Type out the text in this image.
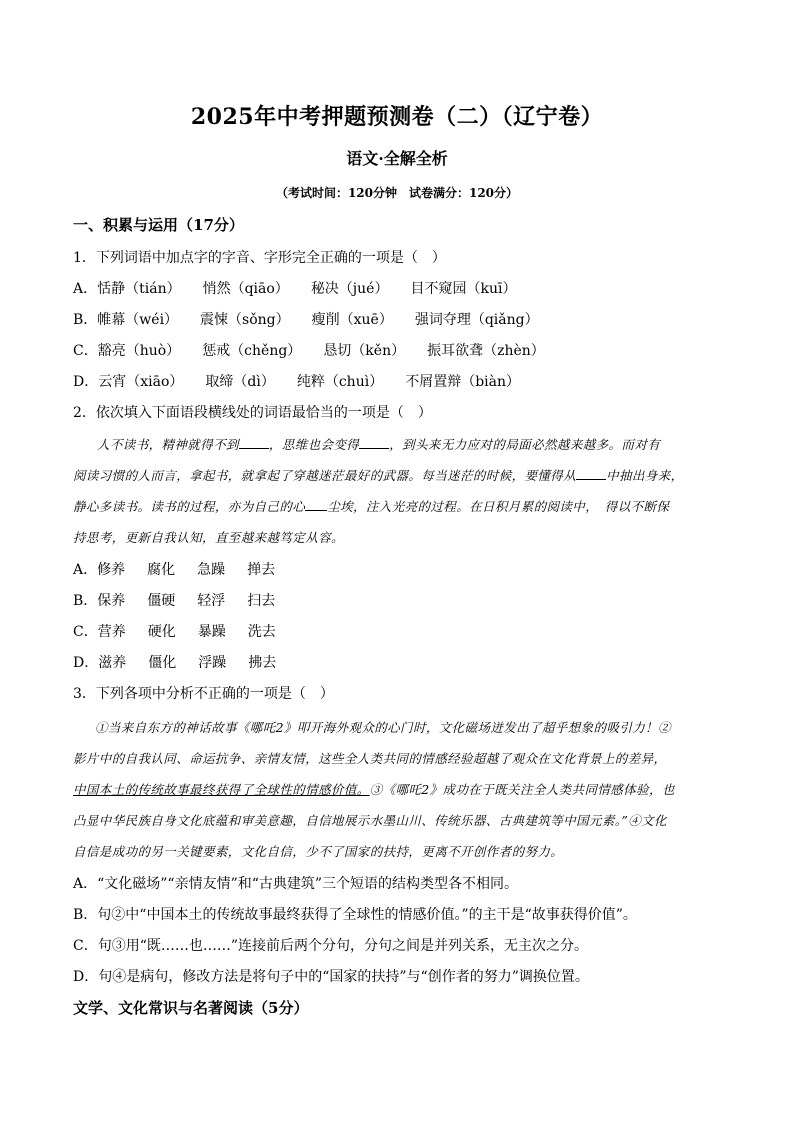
2025年中考押题预测卷（二）（辽宁卷）
语文·全解全析
（考试时间：120分钟　试卷满分：120分）
一、积累与运用（17分）
1．下列词语中加点字的字音、字形完全正确的一项是（　）
A．恬静（tián） 悄然（qiāo） 秘决（jué） 目不窥园（kuī）
B．帷幕（wéi） 震悚（sǒng） 瘦削（xuē） 强词夺理（qiǎng）
C．豁亮（huò） 惩戒（chěng） 恳切（kěn） 振耳欲聋（zhèn）
D．云宵（xiāo） 取缔（dì） 纯粹（chuì） 不屑置辩（biàn）
2．依次填入下面语段横线处的词语最恰当的一项是（　）
人不读书，精神就得不到 ，思维也会变得 ，到头来无力应对的局面必然越来越多。而对有
阅读习惯的人而言，拿起书，就拿起了穿越迷茫最好的武器。每当迷茫的时候，要懂得从 中抽出身来，
静心多读书。读书的过程，亦为自己的心 尘埃，注入光亮的过程。在日积月累的阅读中，　得以不断保
持思考，更新自我认知，直至越来越笃定从容。
A．修养 腐化 急躁 掸去
B．保养 僵硬 轻浮 扫去
C．营养 硬化 暴躁 洗去
D．滋养 僵化 浮躁 拂去
3．下列各项中分析不正确的一项是（　）
①当来自东方的神话故事《哪吒2》叩开海外观众的心门时，文化磁场迸发出了超乎想象的吸引力！②
影片中的自我认同、命运抗争、亲情友情，这些全人类共同的情感经验超越了观众在文化背景上的差异，
中国本土的传统故事最终获得了全球性的情感价值。③《哪吒2》成功在于既关注全人类共同情感体验，也
凸显中华民族自身文化底蕴和审美意趣，自信地展示水墨山川、传统乐器、古典建筑等中国元素。”④文化
自信是成功的另一关键要素，文化自信，少不了国家的扶持，更离不开创作者的努力。
A．“文化磁场”“亲情友情”和“古典建筑”三个短语的结构类型各不相同。
B．句②中“中国本土的传统故事最终获得了全球性的情感价值。”的主干是“故事获得价值”。
C．句③用“既……也……”连接前后两个分句，分句之间是并列关系，无主次之分。
D．句④是病句，修改方法是将句子中的“国家的扶持”与“创作者的努力”调换位置。
文学、文化常识与名著阅读（5分）
